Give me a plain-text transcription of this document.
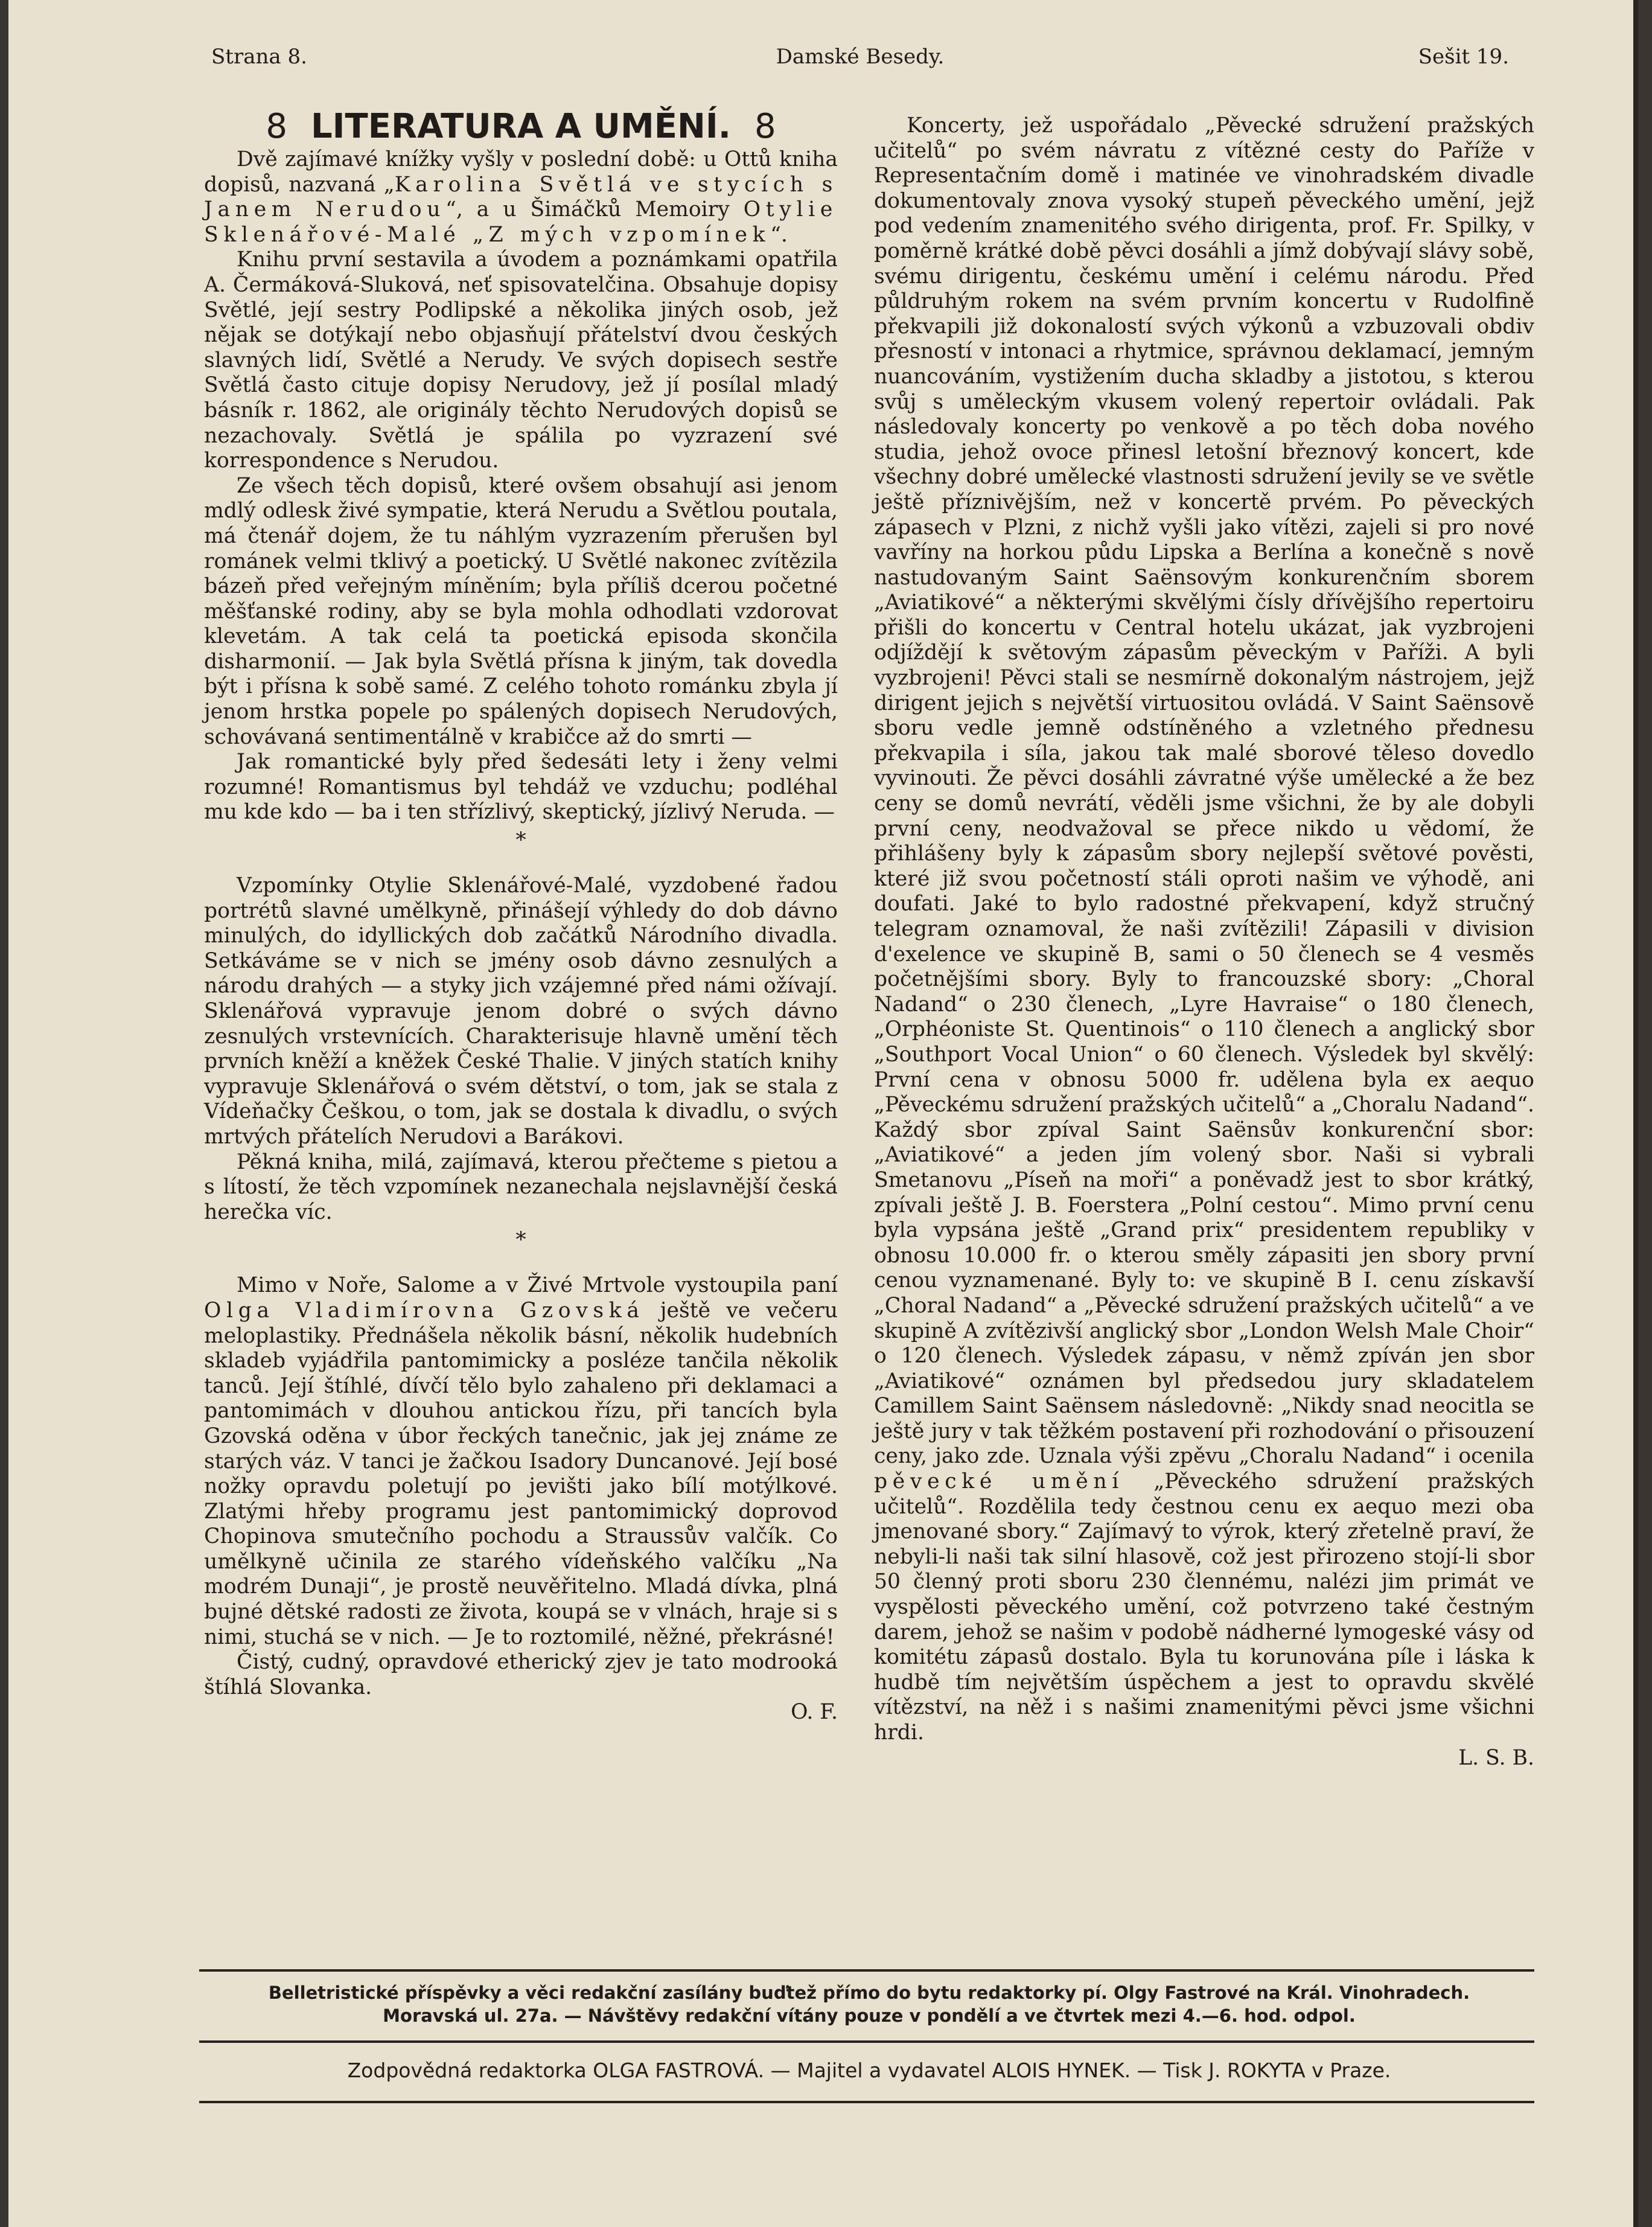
Strana 8.	Damské Besedy.	Sešit 19.
8 LITERATURA A UMĚNÍ. 8

Dvě zajímavé knížky vyšly v poslední době: u Ottů kniha dopisů, nazvaná „Karolina Světlá ve stycích s Janem Nerudou“, a u Šimáčků Memoiry Otylie Sklenářové-Malé „Z mých vzpomínek“.

Knihu první sestavila a úvodem a poznámkami opatřila A. Čermáková-Sluková, neť spisovatelčina. Obsahuje dopisy Světlé, její sestry Podlipské a několika jiných osob, jež nějak se dotýkají nebo objasňují přátelství dvou českých slavných lidí, Světlé a Nerudy. Ve svých dopisech sestře Světlá často cituje dopisy Nerudovy, jež jí posílal mladý básník r. 1862, ale originály těchto Nerudových dopisů se nezachovaly. Světlá je spálila po vyzrazení své korrespondence s Nerudou.

Ze všech těch dopisů, které ovšem obsahují asi jenom mdlý odlesk živé sympatie, která Nerudu a Světlou poutala, má čtenář dojem, že tu náhlým vyzrazením přerušen byl románek velmi tklivý a poetický. U Světlé nakonec zvítězila bázeň před veřejným míněním; byla příliš dcerou početné měšťanské rodiny, aby se byla mohla odhodlati vzdorovat klevetám. A tak celá ta poetická episoda skončila disharmonií. — Jak byla Světlá přísna k jiným, tak dovedla být i přísna k sobě samé. Z celého tohoto románku zbyla jí jenom hrstka popele po spálených dopisech Nerudových, schovávaná sentimentálně v krabičce až do smrti —

Jak romantické byly před šedesáti lety i ženy velmi rozumné! Romantismus byl tehdáž ve vzduchu; podléhal mu kde kdo — ba i ten střízlivý, skeptický, jízlivý Neruda. —

*

Vzpomínky Otylie Sklenářové-Malé, vyzdobené řadou portrétů slavné umělkyně, přinášejí výhledy do dob dávno minulých, do idyllických dob začátků Národního divadla. Setkáváme se v nich se jmény osob dávno zesnulých a národu drahých — a styky jich vzájemné před námi ožívají. Sklenářová vypravuje jenom dobré o svých dávno zesnulých vrstevnících. Charakterisuje hlavně umění těch prvních kněží a kněžek České Thalie. V jiných statích knihy vypravuje Sklenářová o svém dětství, o tom, jak se stala z Vídeňačky Češkou, o tom, jak se dostala k divadlu, o svých mrtvých přátelích Nerudovi a Barákovi.

Pěkná kniha, milá, zajímavá, kterou přečteme s pietou a s lítostí, že těch vzpomínek nezanechala nejslavnější česká herečka víc.

*

Mimo v Noře, Salome a v Živé Mrtvole vystoupila paní Olga Vladimírovna Gzovská ještě ve večeru meloplastiky. Přednášela několik básní, několik hudebních skladeb vyjádřila pantomimicky a posléze tančila několik tanců. Její štíhlé, dívčí tělo bylo zahaleno při deklamaci a pantomimách v dlouhou antickou řízu, při tancích byla Gzovská oděna v úbor řeckých tanečnic, jak jej známe ze starých váz. V tanci je žačkou Isadory Duncanové. Její bosé nožky opravdu poletují po jevišti jako bílí motýlkové. Zlatými hřeby programu jest pantomimický doprovod Chopinova smutečního pochodu a Straussův valčík. Co umělkyně učinila ze starého vídeňského valčíku „Na modrém Dunaji“, je prostě neuvěřitelno. Mladá dívka, plná bujné dětské radosti ze života, koupá se v vlnách, hraje si s nimi, stuchá se v nich. — Je to roztomilé, něžné, překrásné!

Čistý, cudný, opravdové etherický zjev je tato modrooká štíhlá Slovanka.
O. F.

Koncerty, jež uspořádalo „Pěvecké sdružení pražských učitelů“ po svém návratu z vítězné cesty do Paříže v Representačním domě i matinée ve vinohradském divadle dokumentovaly znova vysoký stupeň pěveckého umění, jejž pod vedením znamenitého svého dirigenta, prof. Fr. Spilky, v poměrně krátké době pěvci dosáhli a jímž dobývají slávy sobě, svému dirigentu, českému umění i celému národu. Před půldruhým rokem na svém prvním koncertu v Rudolfině překvapili již dokonalostí svých výkonů a vzbuzovali obdiv přesností v intonaci a rhytmice, správnou deklamací, jemným nuancováním, vystižením ducha skladby a jistotou, s kterou svůj s uměleckým vkusem volený repertoir ovládali. Pak následovaly koncerty po venkově a po těch doba nového studia, jehož ovoce přinesl letošní březnový koncert, kde všechny dobré umělecké vlastnosti sdružení jevily se ve světle ještě příznivějším, než v koncertě prvém. Po pěveckých zápasech v Plzni, z nichž vyšli jako vítězi, zajeli si pro nové vavříny na horkou půdu Lipska a Berlína a konečně s nově nastudovaným Saint Saënsovým konkurenčním sborem „Aviatikové“ a některými skvělými čísly dřívějšího repertoiru přišli do koncertu v Central hotelu ukázat, jak vyzbrojeni odjíždějí k světovým zápasům pěveckým v Paříži. A byli vyzbrojeni! Pěvci stali se nesmírně dokonalým nástrojem, jejž dirigent jejich s největší virtuositou ovládá. V Saint Saënsově sboru vedle jemně odstíněného a vzletného přednesu překvapila i síla, jakou tak malé sborové těleso dovedlo vyvinouti. Že pěvci dosáhli závratné výše umělecké a že bez ceny se domů nevrátí, věděli jsme všichni, že by ale dobyli první ceny, neodvažoval se přece nikdo u vědomí, že přihlášeny byly k zápasům sbory nejlepší světové pověsti, které již svou početností stáli oproti našim ve výhodě, ani doufati. Jaké to bylo radostné překvapení, když stručný telegram oznamoval, že naši zvítězili! Zápasili v division d'exelence ve skupině B, sami o 50 členech se 4 vesměs početnějšími sbory. Byly to francouzské sbory: „Choral Nadand“ o 230 členech, „Lyre Havraise“ o 180 členech, „Orphéoniste St. Quentinois“ o 110 členech a anglický sbor „Southport Vocal Union“ o 60 členech. Výsledek byl skvělý: První cena v obnosu 5000 fr. udělena byla ex aequo „Pěveckému sdružení pražských učitelů“ a „Choralu Nadand“. Každý sbor zpíval Saint Saënsův konkurenční sbor: „Aviatikové“ a jeden jím volený sbor. Naši si vybrali Smetanovu „Píseň na moři“ a poněvadž jest to sbor krátký, zpívali ještě J. B. Foerstera „Polní cestou“. Mimo první cenu byla vypsána ještě „Grand prix“ presidentem republiky v obnosu 10.000 fr. o kterou směly zápasiti jen sbory první cenou vyznamenané. Byly to: ve skupině B I. cenu získavší „Choral Nadand“ a „Pěvecké sdružení pražských učitelů“ a ve skupině A zvítězivší anglický sbor „London Welsh Male Choir“ o 120 členech. Výsledek zápasu, v němž zpíván jen sbor „Aviatikové“ oznámen byl předsedou jury skladatelem Camillem Saint Saënsem následovně: „Nikdy snad neocitla se ještě jury v tak těžkém postavení při rozhodování o přisouzení ceny, jako zde. Uznala výši zpěvu „Choralu Nadand“ i ocenila pěvecké umění „Pěveckého sdružení pražských učitelů“. Rozdělila tedy čestnou cenu ex aequo mezi oba jmenované sbory.“ Zajímavý to výrok, který zřetelně praví, že nebyli-li naši tak silní hlasově, což jest přirozeno stojí-li sbor 50 členný proti sboru 230 člennému, nalézi jim primát ve vyspělosti pěveckého umění, což potvrzeno také čestným darem, jehož se našim v podobě nádherné lymogeské vásy od komitétu zápasů dostalo. Byla tu korunována píle i láska k hudbě tím největším úspěchem a jest to opravdu skvělé vítězství, na něž i s našimi znamenitými pěvci jsme všichni hrdi.
L. S. B.

Belletristické příspěvky a věci redakční zasílány buďtež přímo do bytu redaktorky pí. Olgy Fastrové na Král. Vinohradech.
Moravská ul. 27a. — Návštěvy redakční vítány pouze v pondělí a ve čtvrtek mezi 4.—6. hod. odpol.
Zodpovědná redaktorka OLGA FASTROVÁ. — Majitel a vydavatel ALOIS HYNEK. — Tisk J. ROKYTA v Praze.
